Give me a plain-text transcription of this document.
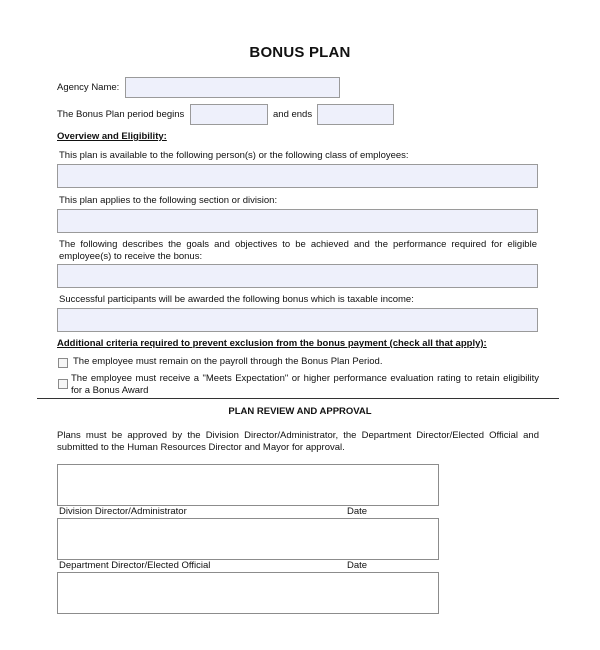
BONUS PLAN
Agency Name:
The Bonus Plan period begins	and ends
Overview and Eligibility:
This plan is available to the following person(s) or the following class of employees:
This plan applies to the following section or division:
The following describes the goals and objectives to be achieved and the performance required for eligible employee(s) to receive the bonus:
Successful participants will be awarded the following bonus which is taxable income:
Additional criteria required to prevent exclusion from the bonus payment (check all that apply):
The employee must remain on the payroll through the Bonus Plan Period.
The employee must receive a "Meets Expectation" or higher performance evaluation rating to retain eligibility for a Bonus Award
PLAN REVIEW AND APPROVAL
Plans must be approved by the Division Director/Administrator, the Department Director/Elected Official and submitted to the Human Resources Director and Mayor for approval.
Division Director/Administrator	Date
Department Director/Elected Official	Date
